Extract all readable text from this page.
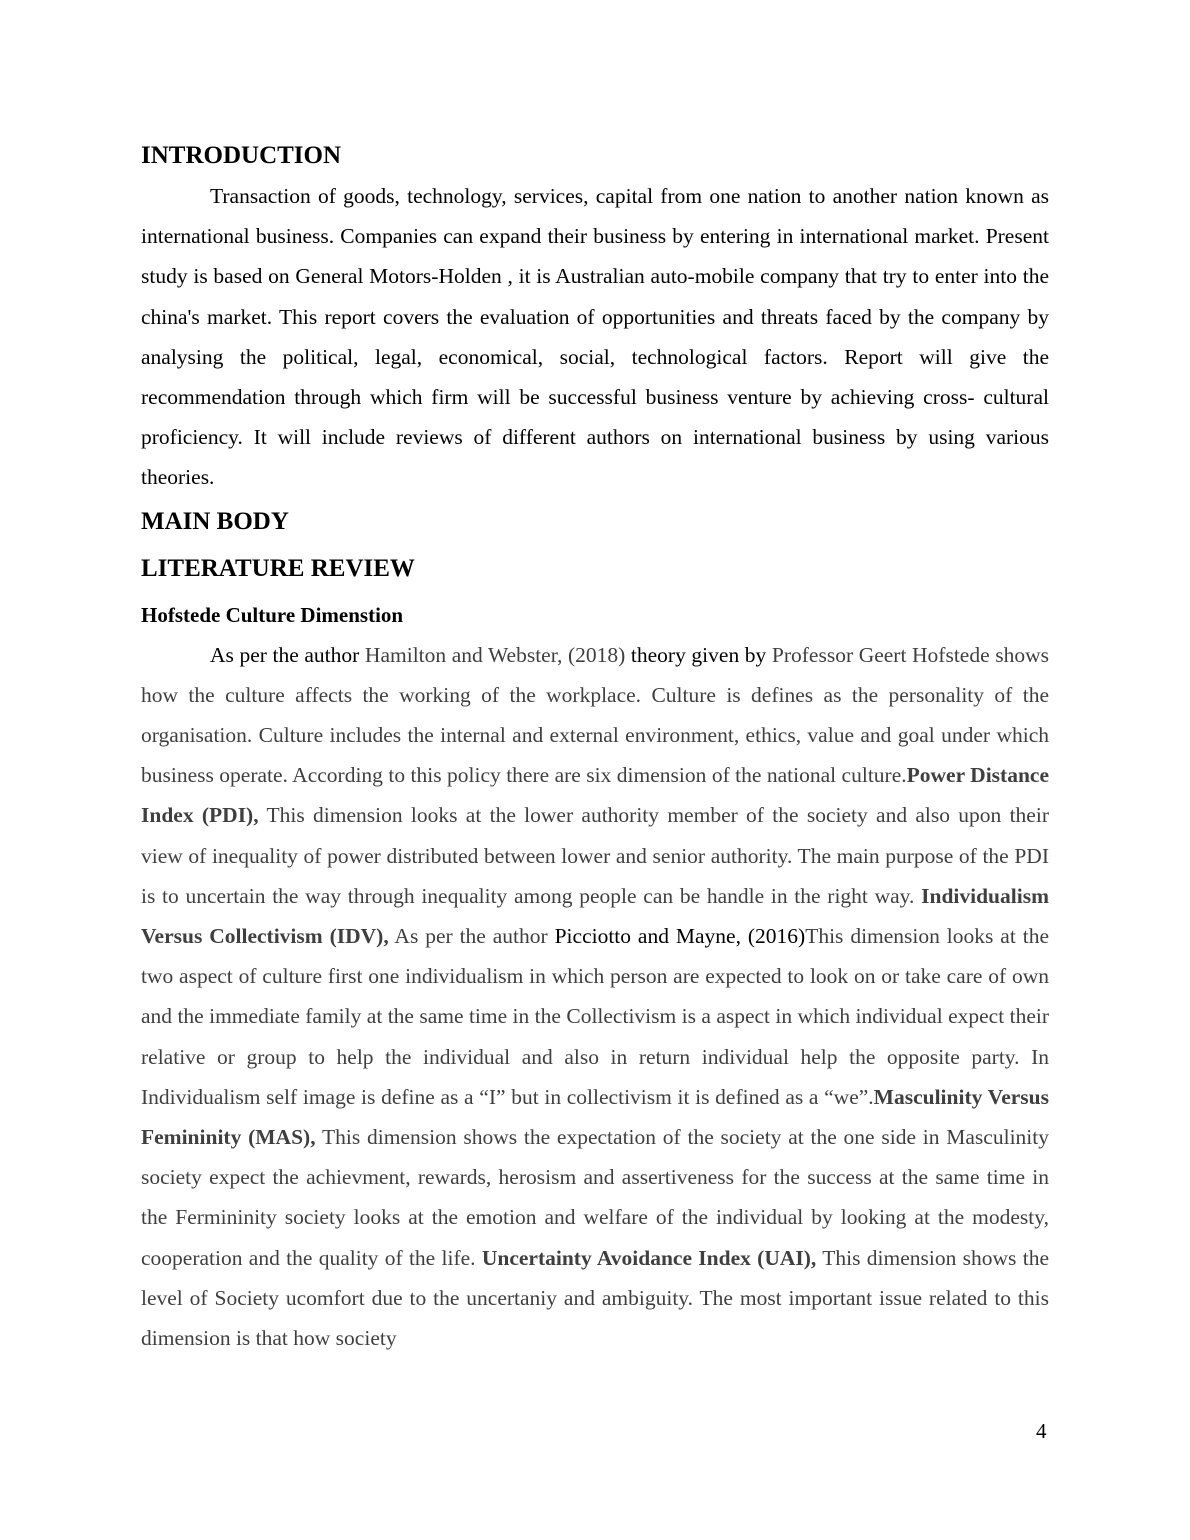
INTRODUCTION

Transaction of goods, technology, services, capital from one nation to another nation known as international business. Companies can expand their business by entering in international market. Present study is based on General Motors-Holden , it is Australian auto-mobile company that try to enter into the china's market. This report covers the evaluation of opportunities and threats faced by the company by analysing the political, legal, economical, social, technological factors. Report will give the recommendation through which firm will be successful business venture by achieving cross- cultural proficiency. It will include reviews of different authors on international business by using various theories.

MAIN BODY
LITERATURE REVIEW
Hofstede Culture Dimenstion

As per the author Hamilton and Webster, (2018) theory given by Professor Geert Hofstede shows how the culture affects the working of the workplace. Culture is defines as the personality of the organisation. Culture includes the internal and external environment, ethics, value and goal under which business operate. According to this policy there are six dimension of the national culture.Power Distance Index (PDI), This dimension looks at the lower authority member of the society and also upon their view of inequality of power distributed between lower and senior authority. The main purpose of the PDI is to uncertain the way through inequality among people can be handle in the right way. Individualism Versus Collectivism (IDV), As per the author Picciotto and Mayne, (2016)This dimension looks at the two aspect of culture first one individualism in which person are expected to look on or take care of own and the immediate family at the same time in the Collectivism is a aspect in which individual expect their relative or group to help the individual and also in return individual help the opposite party. In Individualism self image is define as a “I” but in collectivism it is defined as a “we”.Masculinity Versus Femininity (MAS), This dimension shows the expectation of the society at the one side in Masculinity society expect the achievment, rewards, herosism and assertiveness for the success at the same time in the Fermininity society looks at the emotion and welfare of the individual by looking at the modesty, cooperation and the quality of the life. Uncertainty Avoidance Index (UAI), This dimension shows the level of Society ucomfort due to the uncertaniy and ambiguity. The most important issue related to this dimension is that how society

4
